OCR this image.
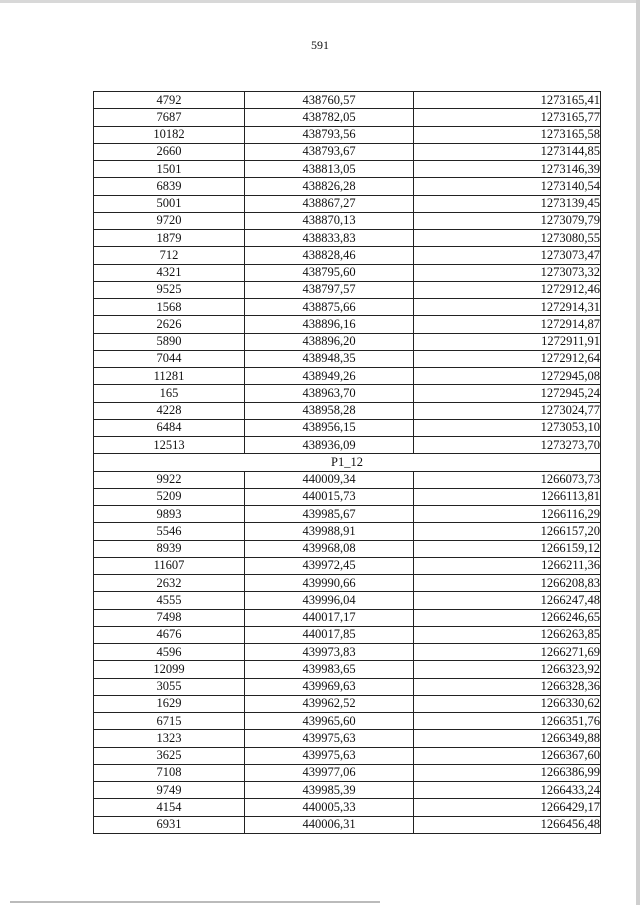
591
4792	438760,57	1273165,41
7687	438782,05	1273165,77
10182	438793,56	1273165,58
2660	438793,67	1273144,85
1501	438813,05	1273146,39
6839	438826,28	1273140,54
5001	438867,27	1273139,45
9720	438870,13	1273079,79
1879	438833,83	1273080,55
712	438828,46	1273073,47
4321	438795,60	1273073,32
9525	438797,57	1272912,46
1568	438875,66	1272914,31
2626	438896,16	1272914,87
5890	438896,20	1272911,91
7044	438948,35	1272912,64
11281	438949,26	1272945,08
165	438963,70	1272945,24
4228	438958,28	1273024,77
6484	438956,15	1273053,10
12513	438936,09	1273273,70
P1_12		
9922	440009,34	1266073,73
5209	440015,73	1266113,81
9893	439985,67	1266116,29
5546	439988,91	1266157,20
8939	439968,08	1266159,12
11607	439972,45	1266211,36
2632	439990,66	1266208,83
4555	439996,04	1266247,48
7498	440017,17	1266246,65
4676	440017,85	1266263,85
4596	439973,83	1266271,69
12099	439983,65	1266323,92
3055	439969,63	1266328,36
1629	439962,52	1266330,62
6715	439965,60	1266351,76
1323	439975,63	1266349,88
3625	439975,63	1266367,60
7108	439977,06	1266386,99
9749	439985,39	1266433,24
4154	440005,33	1266429,17
6931	440006,31	1266456,48
